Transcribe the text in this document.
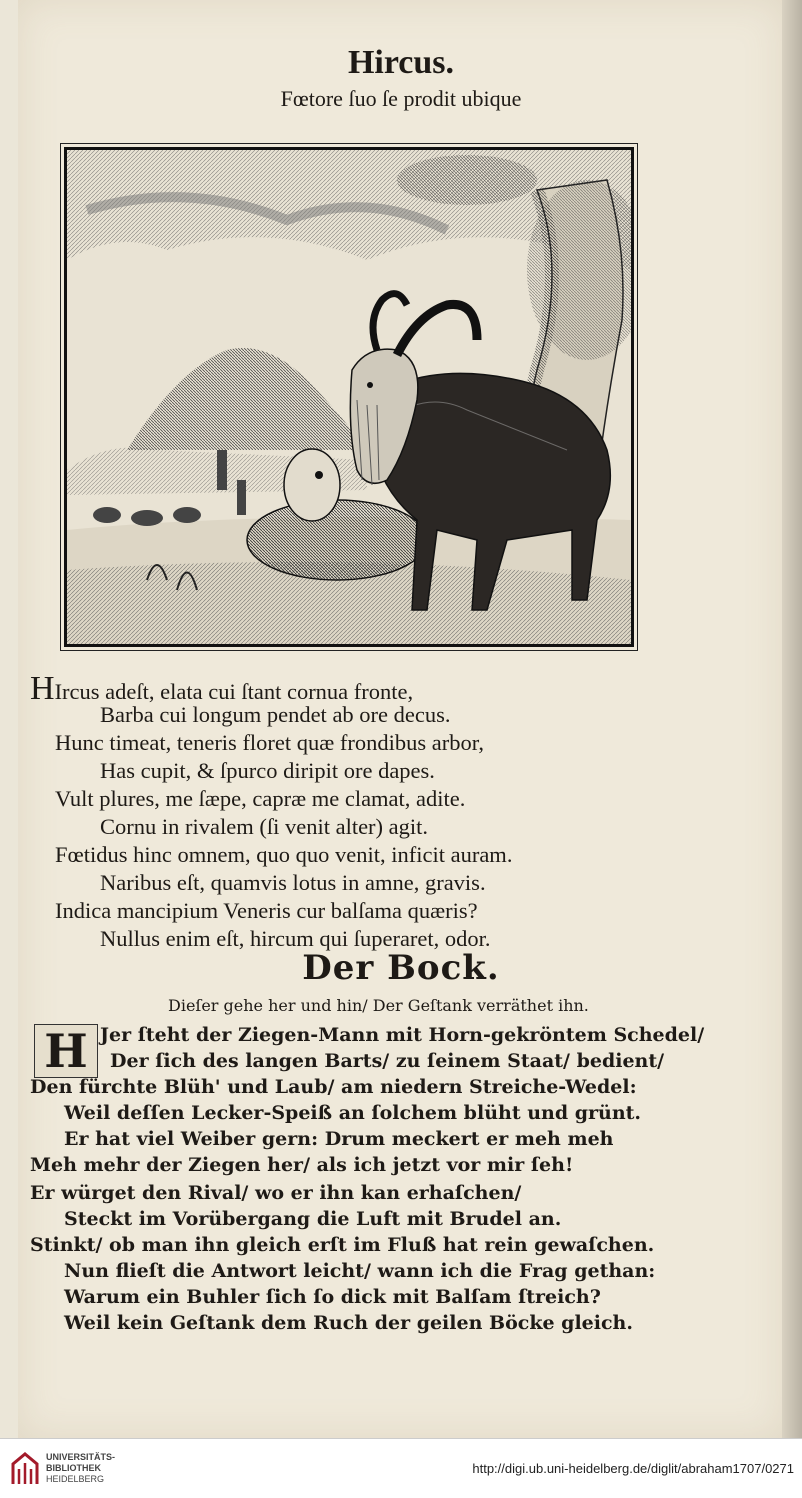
Hircus.
Fœtore ſuo ſe prodit ubique
HIrcus adeſt, elata cui ſtant cornua fronte,
Barba cui longum pendet ab ore decus.
Hunc timeat, teneris floret quæ frondibus arbor,
Has cupit, & ſpurco diripit ore dapes.
Vult plures, me ſæpe, capræ me clamat, adite.
Cornu in rivalem (ſi venit alter) agit.
Fœtidus hinc omnem, quo quo venit, inficit auram.
Naribus eſt, quamvis lotus in amne, gravis.
Indica mancipium Veneris cur balſama quæris?
Nullus enim eſt, hircum qui ſuperaret, odor.
Der Bock.
Dieſer gehe her und hin/ Der Geſtank verräthet ihn.
H Jer ſteht der Ziegen-Mann mit Horn-gekröntem Schedel/
Der ſich des langen Barts/ zu ſeinem Staat/ bedient/
Den fürchte Blüh' und Laub/ am niedern Streiche-Wedel:
Weil deſſen Lecker-Speiß an ſolchem blüht und grünt.
Er hat viel Weiber gern: Drum meckert er meh meh
Meh mehr der Ziegen her/ als ich jetzt vor mir ſeh!
Er würget den Rival/ wo er ihn kan erhaſchen/
Steckt im Vorübergang die Luft mit Brudel an.
Stinkt/ ob man ihn gleich erſt im Fluß hat rein gewaſchen.
Nun flieſt die Antwort leicht/ wann ich die Frag gethan:
Warum ein Buhler ſich ſo dick mit Balſam ſtreich?
Weil kein Geſtank dem Ruch der geilen Böcke gleich.
UNIVERSITÄTS-
BIBLIOTHEK
HEIDELBERG
http://digi.ub.uni-heidelberg.de/diglit/abraham1707/0271
